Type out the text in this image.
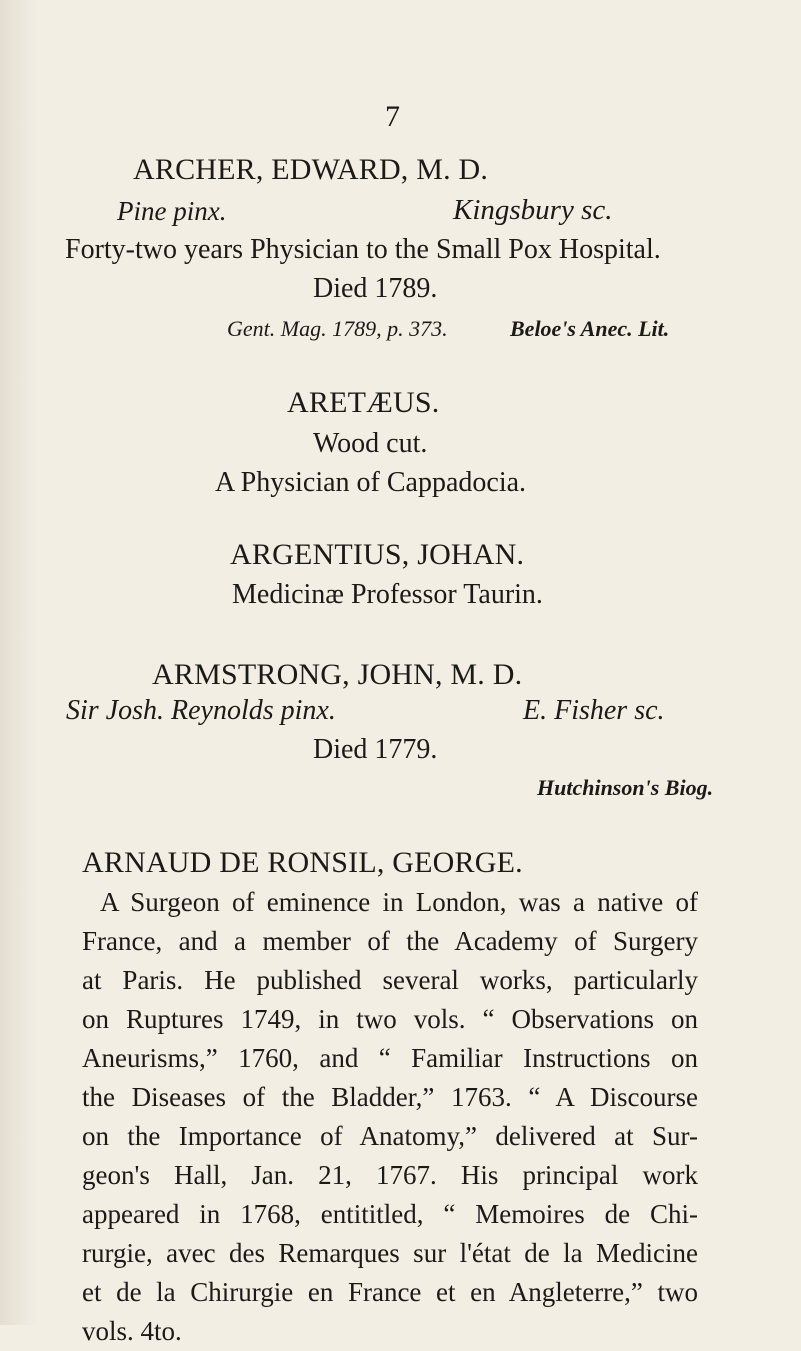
7
ARCHER, EDWARD, M. D.
Pine pinx.	Kingsbury sc.
Forty-two years Physician to the Small Pox Hospital.
Died 1789.
Gent. Mag. 1789, p. 373.	Beloe's Anec. Lit.
ARETÆUS.
Wood cut.
A Physician of Cappadocia.
ARGENTIUS, JOHAN.
Medicinæ Professor Taurin.
ARMSTRONG, JOHN, M. D.
Sir Josh. Reynolds pinx.	E. Fisher sc.
Died 1779.
Hutchinson's Biog.
ARNAUD DE RONSIL, GEORGE.
A Surgeon of eminence in London, was a native of
France, and a member of the Academy of Surgery
at Paris. He published several works, particularly
on Ruptures 1749, in two vols. “ Observations on
Aneurisms,” 1760, and “ Familiar Instructions on
the Diseases of the Bladder,” 1763. “ A Discourse
on the Importance of Anatomy,” delivered at Sur-
geon's Hall, Jan. 21, 1767. His principal work
appeared in 1768, entititled, “ Memoires de Chi-
rurgie, avec des Remarques sur l'état de la Medicine
et de la Chirurgie en France et en Angleterre,” two
vols. 4to.
